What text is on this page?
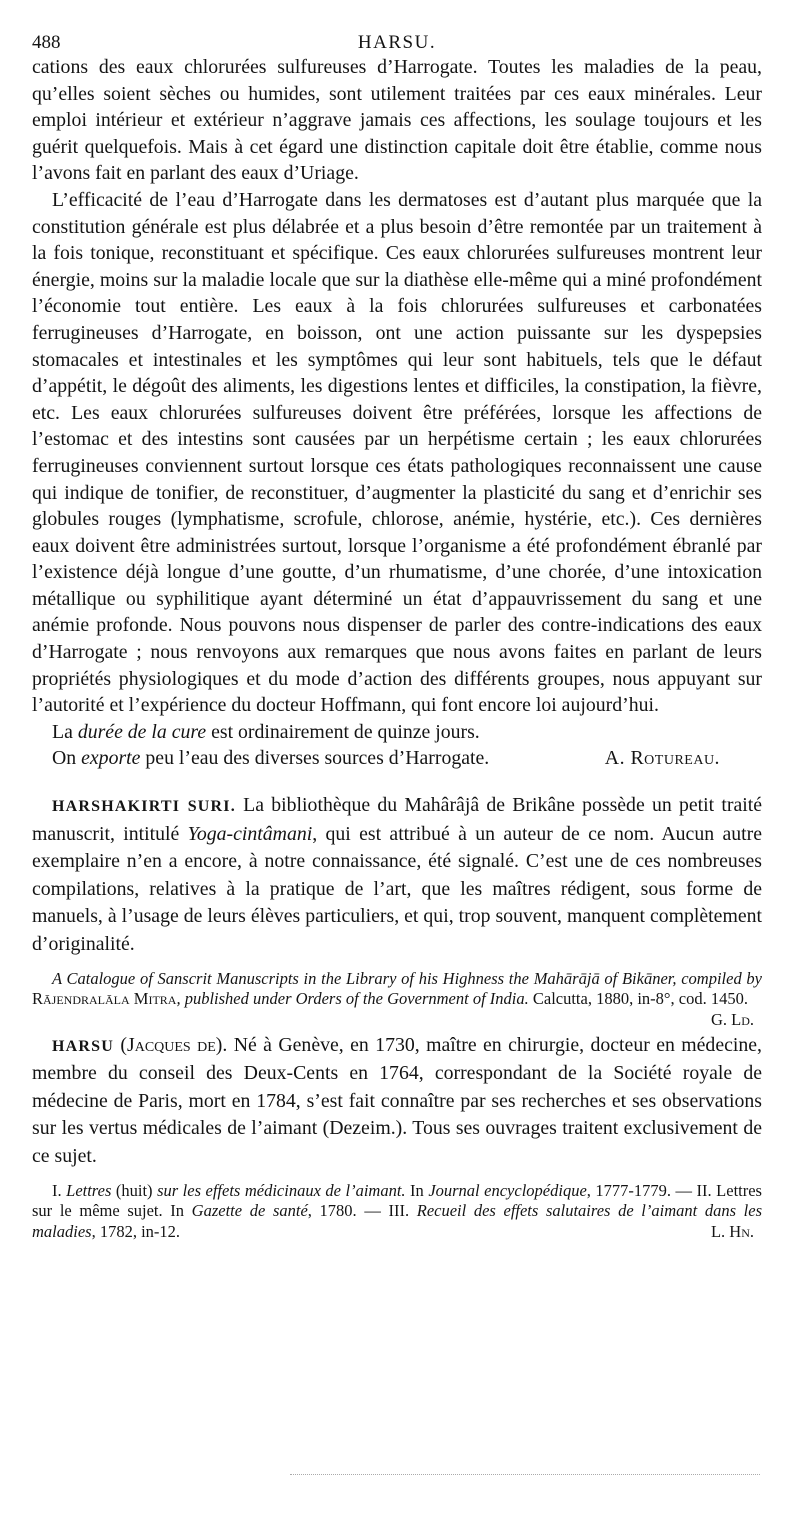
488	HARSU.

cations des eaux chlorurées sulfureuses d’Harrogate. Toutes les maladies de la peau, qu’elles soient sèches ou humides, sont utilement traitées par ces eaux minérales. Leur emploi intérieur et extérieur n’aggrave jamais ces affections, les soulage toujours et les guérit quelquefois. Mais à cet égard une distinction capitale doit être établie, comme nous l’avons fait en parlant des eaux d’Uriage.

L’efficacité de l’eau d’Harrogate dans les dermatoses est d’autant plus marquée que la constitution générale est plus délabrée et a plus besoin d’être remontée par un traitement à la fois tonique, reconstituant et spécifique. Ces eaux chlorurées sulfureuses montrent leur énergie, moins sur la maladie locale que sur la diathèse elle-même qui a miné profondément l’économie tout entière. Les eaux à la fois chlorurées sulfureuses et carbonatées ferrugineuses d’Harrogate, en boisson, ont une action puissante sur les dyspepsies stomacales et intestinales et les symptômes qui leur sont habituels, tels que le défaut d’appétit, le dégoût des aliments, les digestions lentes et difficiles, la constipation, la fièvre, etc. Les eaux chlorurées sulfureuses doivent être préférées, lorsque les affections de l’estomac et des intestins sont causées par un herpétisme certain ; les eaux chlorurées ferrugineuses conviennent surtout lorsque ces états pathologiques reconnaissent une cause qui indique de tonifier, de reconstituer, d’augmenter la plasticité du sang et d’enrichir ses globules rouges (lymphatisme, scrofule, chlorose, anémie, hystérie, etc.). Ces dernières eaux doivent être administrées surtout, lorsque l’organisme a été profondément ébranlé par l’existence déjà longue d’une goutte, d’un rhumatisme, d’une chorée, d’une intoxication métallique ou syphilitique ayant déterminé un état d’appauvrissement du sang et une anémie profonde. Nous pouvons nous dispenser de parler des contre-indications des eaux d’Harrogate ; nous renvoyons aux remarques que nous avons faites en parlant de leurs propriétés physiologiques et du mode d’action des différents groupes, nous appuyant sur l’autorité et l’expérience du docteur Hoffmann, qui font encore loi aujourd’hui.

La durée de la cure est ordinairement de quinze jours.

On exporte peu l’eau des diverses sources d’Harrogate.	A. Rotureau.

HARSHAKIRTI SURI. La bibliothèque du Mahârâjâ de Brikâne possède un petit traité manuscrit, intitulé Yoga-cintâmani, qui est attribué à un auteur de ce nom. Aucun autre exemplaire n’en a encore, à notre connaissance, été signalé. C’est une de ces nombreuses compilations, relatives à la pratique de l’art, que les maîtres rédigent, sous forme de manuels, à l’usage de leurs élèves particuliers, et qui, trop souvent, manquent complètement d’originalité.

A Catalogue of Sanscrit Manuscripts in the Library of his Highness the Mahārājā of Bikāner, compiled by Rājendralāla Mitra, published under Orders of the Government of India. Calcutta, 1880, in-8°, cod. 1450.
G. Ld.

HARSU (Jacques de). Né à Genève, en 1730, maître en chirurgie, docteur en médecine, membre du conseil des Deux-Cents en 1764, correspondant de la Société royale de médecine de Paris, mort en 1784, s’est fait connaître par ses recherches et ses observations sur les vertus médicales de l’aimant (Dezeim.). Tous ses ouvrages traitent exclusivement de ce sujet.

I. Lettres (huit) sur les effets médicinaux de l’aimant. In Journal encyclopédique, 1777-1779. — II. Lettres sur le même sujet. In Gazette de santé, 1780. — III. Recueil des effets salutaires de l’aimant dans les maladies, 1782, in-12.	L. Hn.
